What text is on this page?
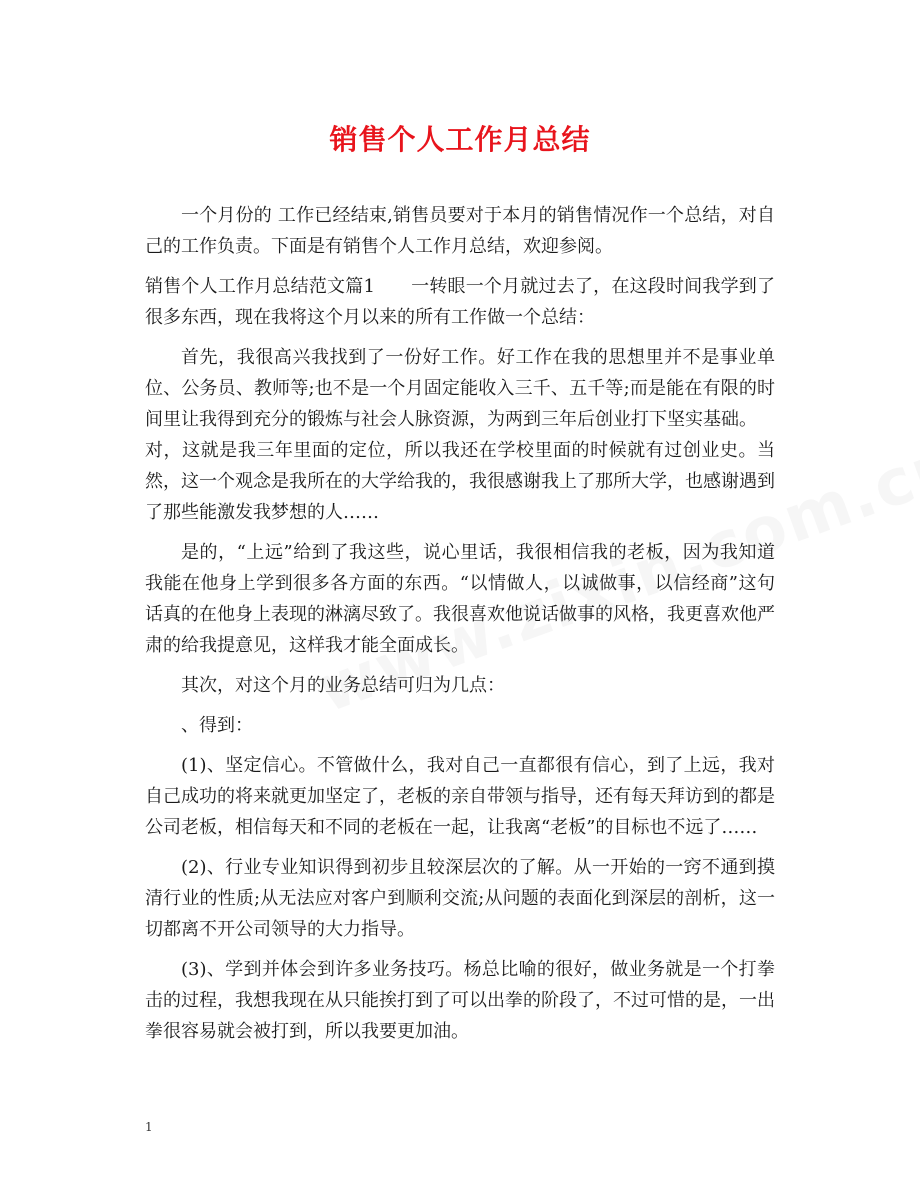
销售个人工作月总结

一个月份的 工作已经结束,销售员要对于本月的销售情况作一个总结，对自己的工作负责。下面是有销售个人工作月总结，欢迎参阅。

销售个人工作月总结范文篇1 一转眼一个月就过去了，在这段时间我学到了很多东西，现在我将这个月以来的所有工作做一个总结：

首先，我很高兴我找到了一份好工作。好工作在我的思想里并不是事业单位、公务员、教师等;也不是一个月固定能收入三千、五千等;而是能在有限的时间里让我得到充分的锻炼与社会人脉资源，为两到三年后创业打下坚实基础。

对，这就是我三年里面的定位，所以我还在学校里面的时候就有过创业史。当然，这一个观念是我所在的大学给我的，我很感谢我上了那所大学，也感谢遇到了那些能激发我梦想的人……

是的，“上远”给到了我这些，说心里话，我很相信我的老板，因为我知道我能在他身上学到很多各方面的东西。“以情做人，以诚做事，以信经商”这句话真的在他身上表现的淋漓尽致了。我很喜欢他说话做事的风格，我更喜欢他严肃的给我提意见，这样我才能全面成长。

其次，对这个月的业务总结可归为几点：

、得到：

(1)、坚定信心。不管做什么，我对自己一直都很有信心，到了上远，我对自己成功的将来就更加坚定了，老板的亲自带领与指导，还有每天拜访到的都是公司老板，相信每天和不同的老板在一起，让我离“老板”的目标也不远了……

(2)、行业专业知识得到初步且较深层次的了解。从一开始的一窍不通到摸清行业的性质;从无法应对客户到顺利交流;从问题的表面化到深层的剖析，这一切都离不开公司领导的大力指导。

(3)、学到并体会到许多业务技巧。杨总比喻的很好，做业务就是一个打拳击的过程，我想我现在从只能挨打到了可以出拳的阶段了，不过可惜的是，一出拳很容易就会被打到，所以我要更加油。

1
